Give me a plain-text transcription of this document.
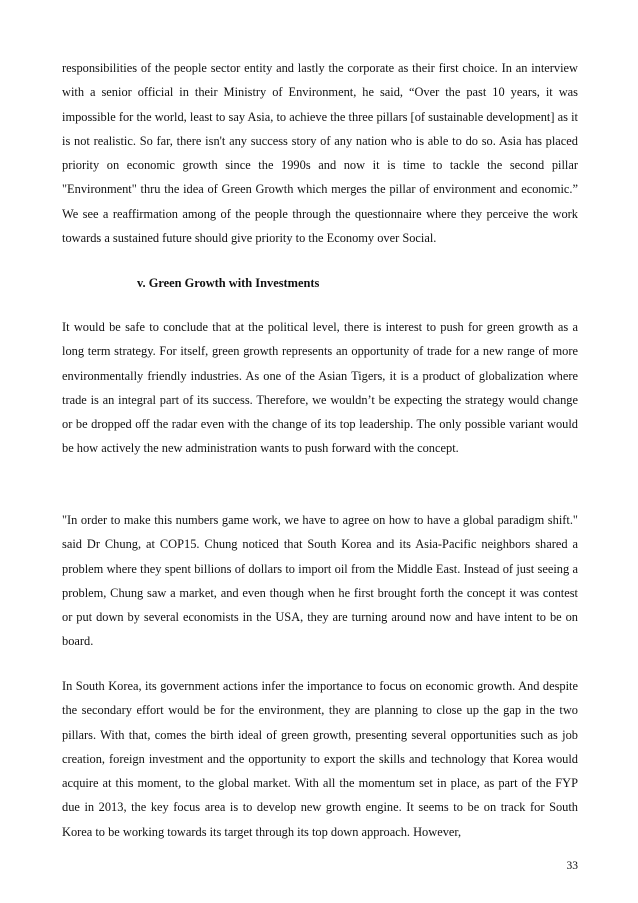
responsibilities of the people sector entity and lastly the corporate as their first choice. In an interview with a senior official in their Ministry of Environment, he said, “Over the past 10 years, it was impossible for the world, least to say Asia, to achieve the three pillars [of sustainable development] as it is not realistic. So far, there isn't any success story of any nation who is able to do so. Asia has placed priority on economic growth since the 1990s and now it is time to tackle the second pillar "Environment" thru the idea of Green Growth which merges the pillar of environment and economic.” We see a reaffirmation among of the people through the questionnaire where they perceive the work towards a sustained future should give priority to the Economy over Social.

v. Green Growth with Investments

It would be safe to conclude that at the political level, there is interest to push for green growth as a long term strategy. For itself, green growth represents an opportunity of trade for a new range of more environmentally friendly industries. As one of the Asian Tigers, it is a product of globalization where trade is an integral part of its success. Therefore, we wouldn’t be expecting the strategy would change or be dropped off the radar even with the change of its top leadership. The only possible variant would be how actively the new administration wants to push forward with the concept.

"In order to make this numbers game work, we have to agree on how to have a global paradigm shift." said Dr Chung, at COP15. Chung noticed that South Korea and its Asia-Pacific neighbors shared a problem where they spent billions of dollars to import oil from the Middle East. Instead of just seeing a problem, Chung saw a market, and even though when he first brought forth the concept it was contest or put down by several economists in the USA, they are turning around now and have intent to be on board.

In South Korea, its government actions infer the importance to focus on economic growth. And despite the secondary effort would be for the environment, they are planning to close up the gap in the two pillars. With that, comes the birth ideal of green growth, presenting several opportunities such as job creation, foreign investment and the opportunity to export the skills and technology that Korea would acquire at this moment, to the global market. With all the momentum set in place, as part of the FYP due in 2013, the key focus area is to develop new growth engine. It seems to be on track for South Korea to be working towards its target through its top down approach. However,

33
